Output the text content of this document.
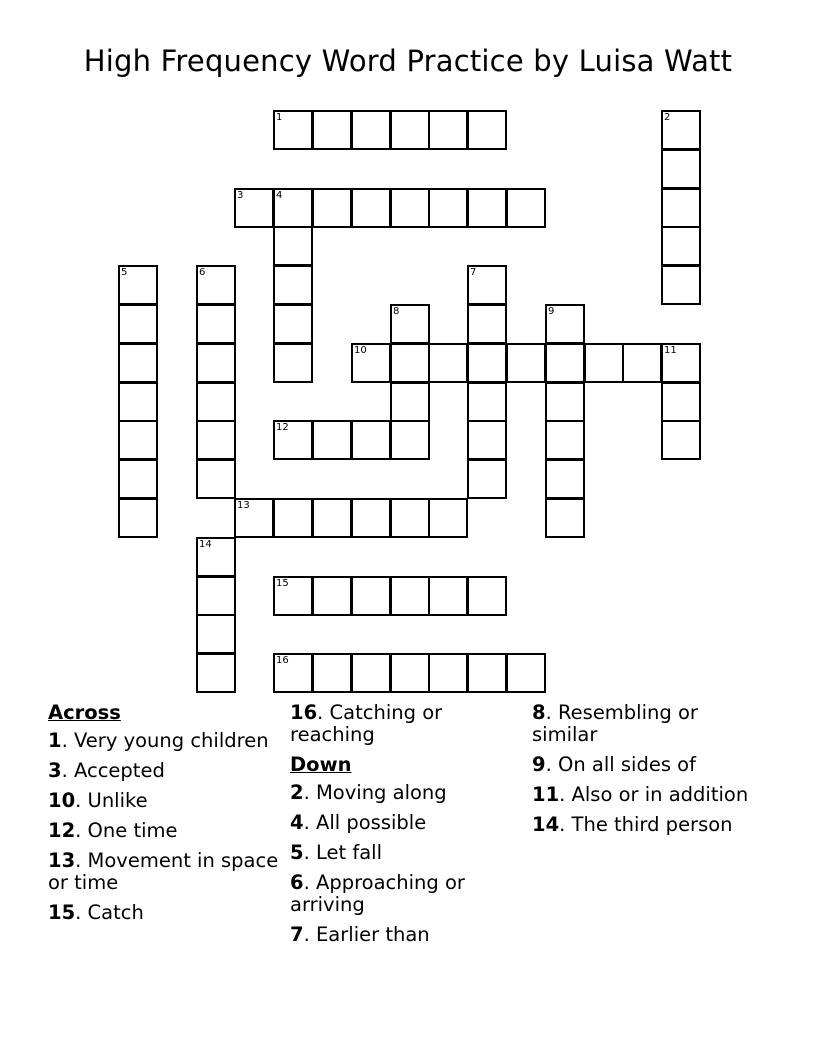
High Frequency Word Practice by Luisa Watt
1	2
3	4
5	6	7
8	9
10	11
12
13
14
15
16
Across
1. Very young children
3. Accepted
10. Unlike
12. One time
13. Movement in space or time
15. Catch
16. Catching or reaching
Down
2. Moving along
4. All possible
5. Let fall
6. Approaching or arriving
7. Earlier than
8. Resembling or similar
9. On all sides of
11. Also or in addition
14. The third person
